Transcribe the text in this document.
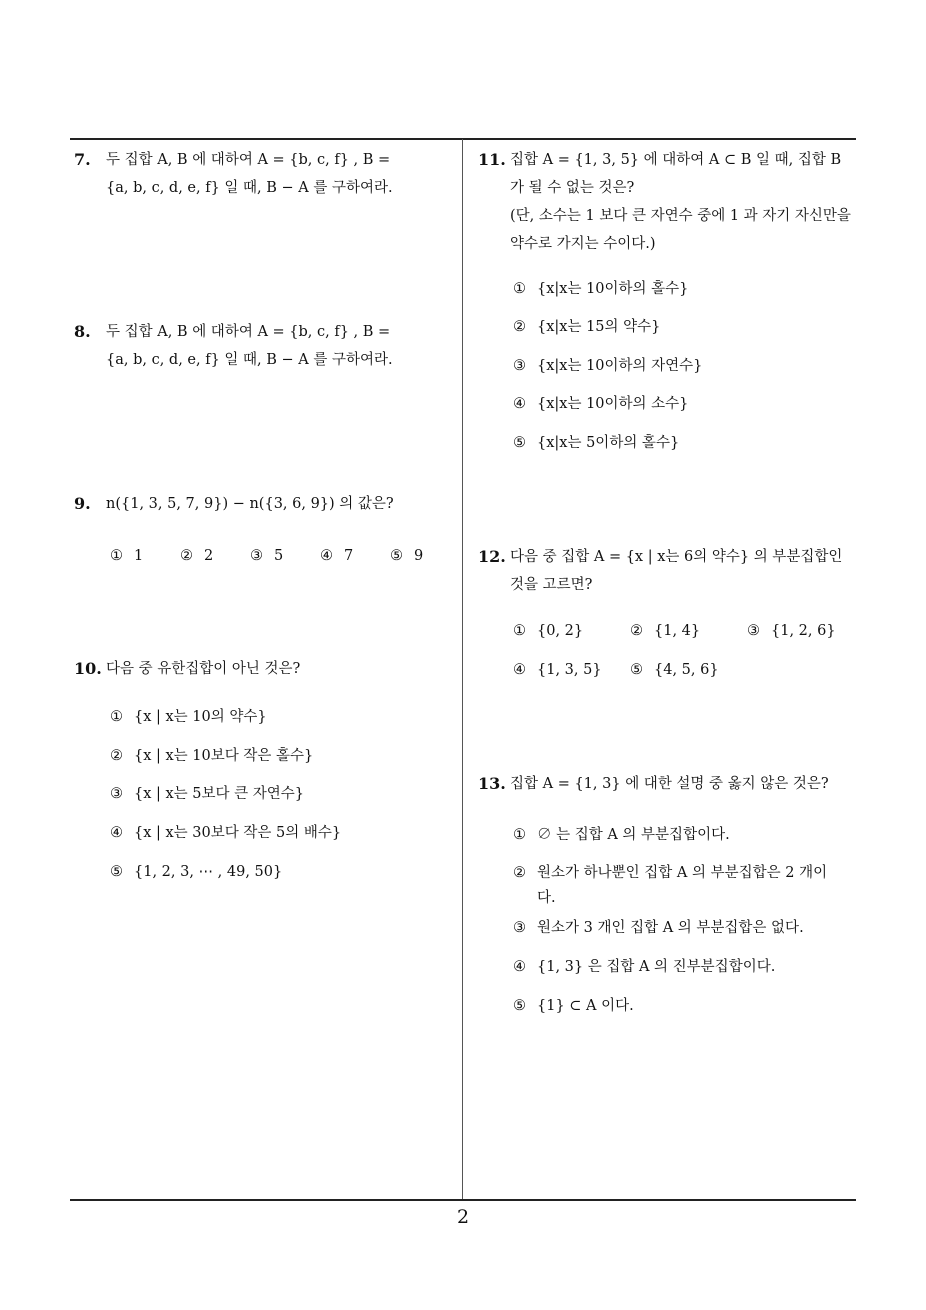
7. 두 집합 A, B 에 대하여 A = {b, c, f} , B =
{a, b, c, d, e, f} 일 때, B − A 를 구하여라.
8. 두 집합 A, B 에 대하여 A = {b, c, f} , B =
{a, b, c, d, e, f} 일 때, B − A 를 구하여라.
9. n({1, 3, 5, 7, 9}) − n({3, 6, 9}) 의 값은?
① 1	② 2	③ 5	④ 7	⑤ 9
10. 다음 중 유한집합이 아닌 것은?
① {x | x는 10의 약수}
② {x | x는 10보다 작은 홀수}
③ {x | x는 5보다 큰 자연수}
④ {x | x는 30보다 작은 5의 배수}
⑤ {1, 2, 3, ⋯ , 49, 50}
11. 집합 A = {1, 3, 5} 에 대하여 A ⊂ B 일 때, 집합 B
가 될 수 없는 것은?
(단, 소수는 1 보다 큰 자연수 중에 1 과 자기 자신만을
약수로 가지는 수이다.)
① {x|x는 10이하의 홀수}
② {x|x는 15의 약수}
③ {x|x는 10이하의 자연수}
④ {x|x는 10이하의 소수}
⑤ {x|x는 5이하의 홀수}
12. 다음 중 집합 A = {x | x는 6의 약수} 의 부분집합인
것을 고르면?
① {0, 2}	② {1, 4}	③ {1, 2, 6}
④ {1, 3, 5} ⑤ {4, 5, 6}
13. 집합 A = {1, 3} 에 대한 설명 중 옳지 않은 것은?
① ∅ 는 집합 A 의 부분집합이다.
② 원소가 하나뿐인 집합 A 의 부분집합은 2 개이
다.
③ 원소가 3 개인 집합 A 의 부분집합은 없다.
④ {1, 3} 은 집합 A 의 진부분집합이다.
⑤ {1} ⊂ A 이다.
2
